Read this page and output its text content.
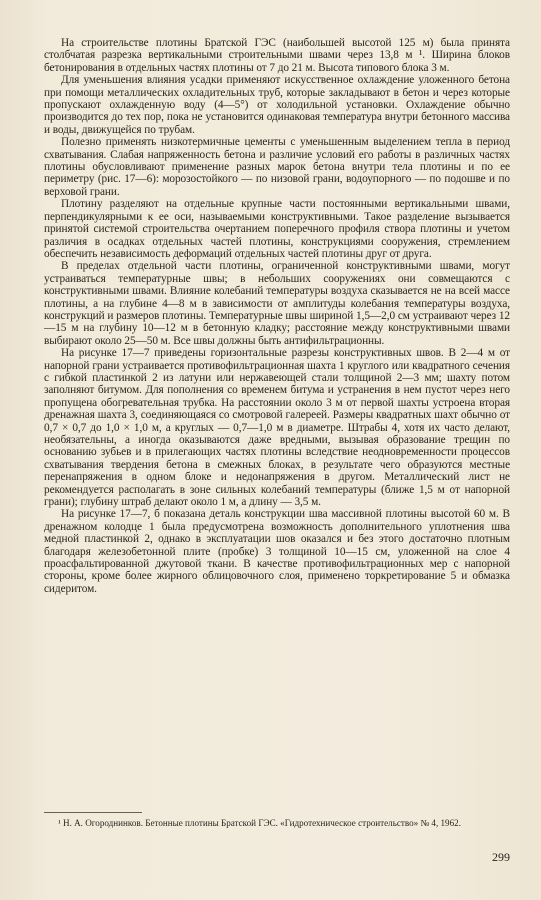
На строительстве плотины Братской ГЭС (наибольшей высотой 125 м) была принята столбчатая разрезка вертикальными строительными швами через 13,8 м ¹. Ширина блоков бетонирования в отдельных частях плотины от 7 до 21 м. Высота типового блока 3 м.

Для уменьшения влияния усадки применяют искусственное охлаждение уложенного бетона при помощи металлических охладительных труб, которые закладывают в бетон и через которые пропускают охлажденную воду (4—5°) от холодильной установки. Охлаждение обычно производится до тех пор, пока не установится одинаковая температура внутри бетонного массива и воды, движущейся по трубам.

Полезно применять низкотермичные цементы с уменьшенным выделением тепла в период схватывания. Слабая напряженность бетона и различие условий его работы в различных частях плотины обусловливают применение разных марок бетона внутри тела плотины и по ее периметру (рис. 17—6): морозостойкого — по низовой грани, водоупорного — по подошве и по верховой грани.

Плотину разделяют на отдельные крупные части постоянными вертикальными швами, перпендикулярными к ее оси, называемыми конструктивными. Такое разделение вызывается принятой системой строительства очертанием поперечного профиля створа плотины и учетом различия в осадках отдельных частей плотины, конструкциями сооружения, стремлением обеспечить независимость деформаций отдельных частей плотины друг от друга.

В пределах отдельной части плотины, ограниченной конструктивными швами, могут устраиваться температурные швы; в небольших сооружениях они совмещаются с конструктивными швами. Влияние колебаний температуры воздуха сказывается не на всей массе плотины, а на глубине 4—8 м в зависимости от амплитуды колебания температуры воздуха, конструкций и размеров плотины. Температурные швы шириной 1,5—2,0 см устраивают через 12—15 м на глубину 10—12 м в бетонную кладку; расстояние между конструктивными швами выбирают около 25—50 м. Все швы должны быть антифильтрационны.

На рисунке 17—7 приведены горизонтальные разрезы конструктивных швов. В 2—4 м от напорной грани устраивается противофильтрационная шахта 1 круглого или квадратного сечения с гибкой пластинкой 2 из латуни или нержавеющей стали толщиной 2—3 мм; шахту потом заполняют битумом. Для пополнения со временем битума и устранения в нем пустот через него пропущена обогревательная трубка. На расстоянии около 3 м от первой шахты устроена вторая дренажная шахта 3, соединяющаяся со смотровой галереей. Размеры квадратных шахт обычно от 0,7 × 0,7 до 1,0 × 1,0 м, а круглых — 0,7—1,0 м в диаметре. Штрабы 4, хотя их часто делают, необязательны, а иногда оказываются даже вредными, вызывая образование трещин по основанию зубьев и в прилегающих частях плотины вследствие неодновременности процессов схватывания твердения бетона в смежных блоках, в результате чего образуются местные перенапряжения в одном блоке и недонапряжения в другом. Металлический лист не рекомендуется располагать в зоне сильных колебаний температуры (ближе 1,5 м от напорной грани); глубину штраб делают около 1 м, а длину — 3,5 м.

На рисунке 17—7, б показана деталь конструкции шва массивной плотины высотой 60 м. В дренажном колодце 1 была предусмотрена возможность дополнительного уплотнения шва медной пластинкой 2, однако в эксплуатации шов оказался и без этого достаточно плотным благодаря железобетонной плите (пробке) 3 толщиной 10—15 см, уложенной на слое 4 проасфальтированной джутовой ткани. В качестве противофильтрационных мер с напорной стороны, кроме более жирного облицовочного слоя, применено торкретирование 5 и обмазка сидеритом.

¹ Н. А. Огороднинков. Бетонные плотины Братской ГЭС. «Гидротехническое строительство» № 4, 1962.

299
